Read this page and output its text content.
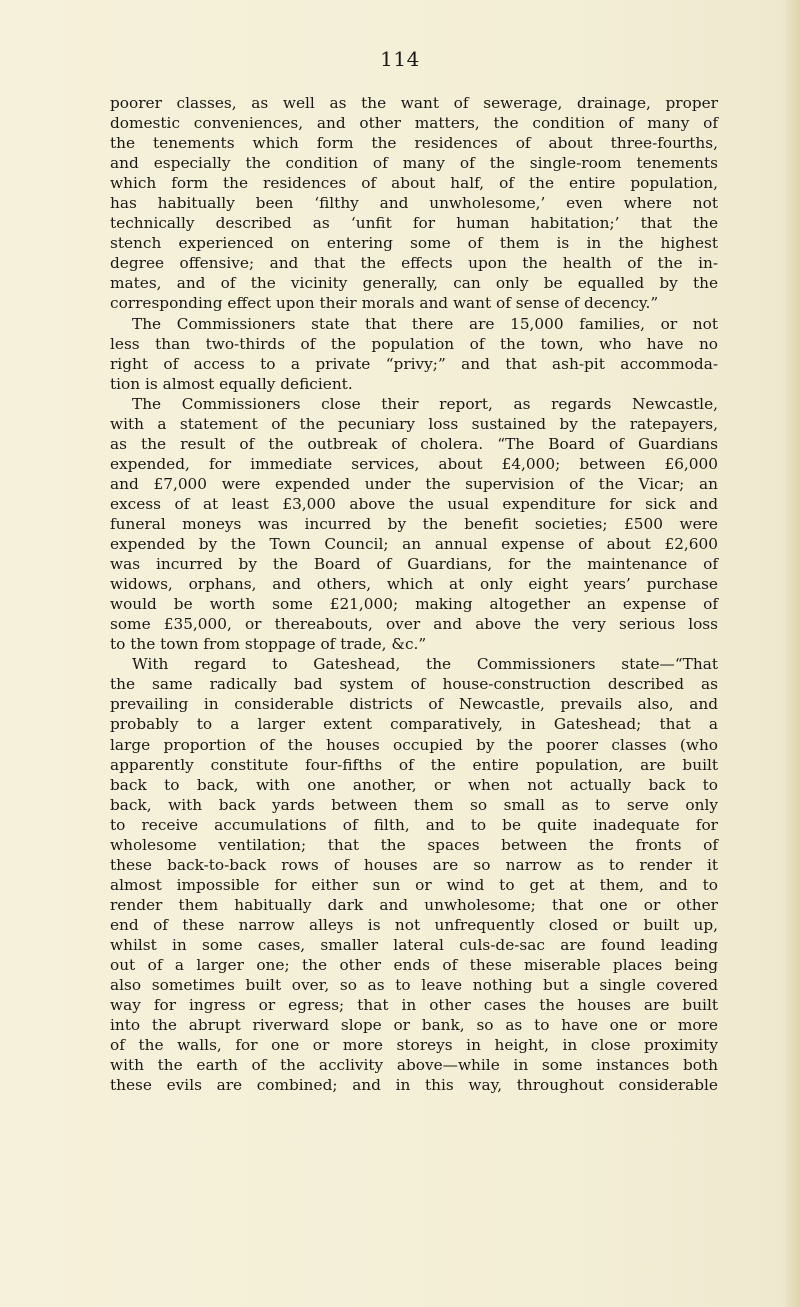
114
poorer classes, as well as the want of sewerage, drainage, proper
domestic conveniences, and other matters, the condition of many of
the tenements which form the residences of about three-fourths,
and especially the condition of many of the single-room tenements
which form the residences of about half, of the entire population,
has habitually been ‘filthy and unwholesome,’ even where not
technically described as ‘unfit for human habitation;’ that the
stench experienced on entering some of them is in the highest
degree offensive; and that the effects upon the health of the in-
mates, and of the vicinity generally, can only be equalled by the
corresponding effect upon their morals and want of sense of decency.”
The Commissioners state that there are 15,000 families, or not
less than two-thirds of the population of the town, who have no
right of access to a private “privy;” and that ash-pit accommoda-
tion is almost equally deficient.
The Commissioners close their report, as regards Newcastle,
with a statement of the pecuniary loss sustained by the ratepayers,
as the result of the outbreak of cholera. “The Board of Guardians
expended, for immediate services, about £4,000; between £6,000
and £7,000 were expended under the supervision of the Vicar; an
excess of at least £3,000 above the usual expenditure for sick and
funeral moneys was incurred by the benefit societies; £500 were
expended by the Town Council; an annual expense of about £2,600
was incurred by the Board of Guardians, for the maintenance of
widows, orphans, and others, which at only eight years’ purchase
would be worth some £21,000; making altogether an expense of
some £35,000, or thereabouts, over and above the very serious loss
to the town from stoppage of trade, &c.”
With regard to Gateshead, the Commissioners state—“That
the same radically bad system of house-construction described as
prevailing in considerable districts of Newcastle, prevails also, and
probably to a larger extent comparatively, in Gateshead; that a
large proportion of the houses occupied by the poorer classes (who
apparently constitute four-fifths of the entire population, are built
back to back, with one another, or when not actually back to
back, with back yards between them so small as to serve only
to receive accumulations of filth, and to be quite inadequate for
wholesome ventilation; that the spaces between the fronts of
these back-to-back rows of houses are so narrow as to render it
almost impossible for either sun or wind to get at them, and to
render them habitually dark and unwholesome; that one or other
end of these narrow alleys is not unfrequently closed or built up,
whilst in some cases, smaller lateral culs-de-sac are found leading
out of a larger one; the other ends of these miserable places being
also sometimes built over, so as to leave nothing but a single covered
way for ingress or egress; that in other cases the houses are built
into the abrupt riverward slope or bank, so as to have one or more
of the walls, for one or more storeys in height, in close proximity
with the earth of the acclivity above—while in some instances both
these evils are combined; and in this way, throughout considerable
